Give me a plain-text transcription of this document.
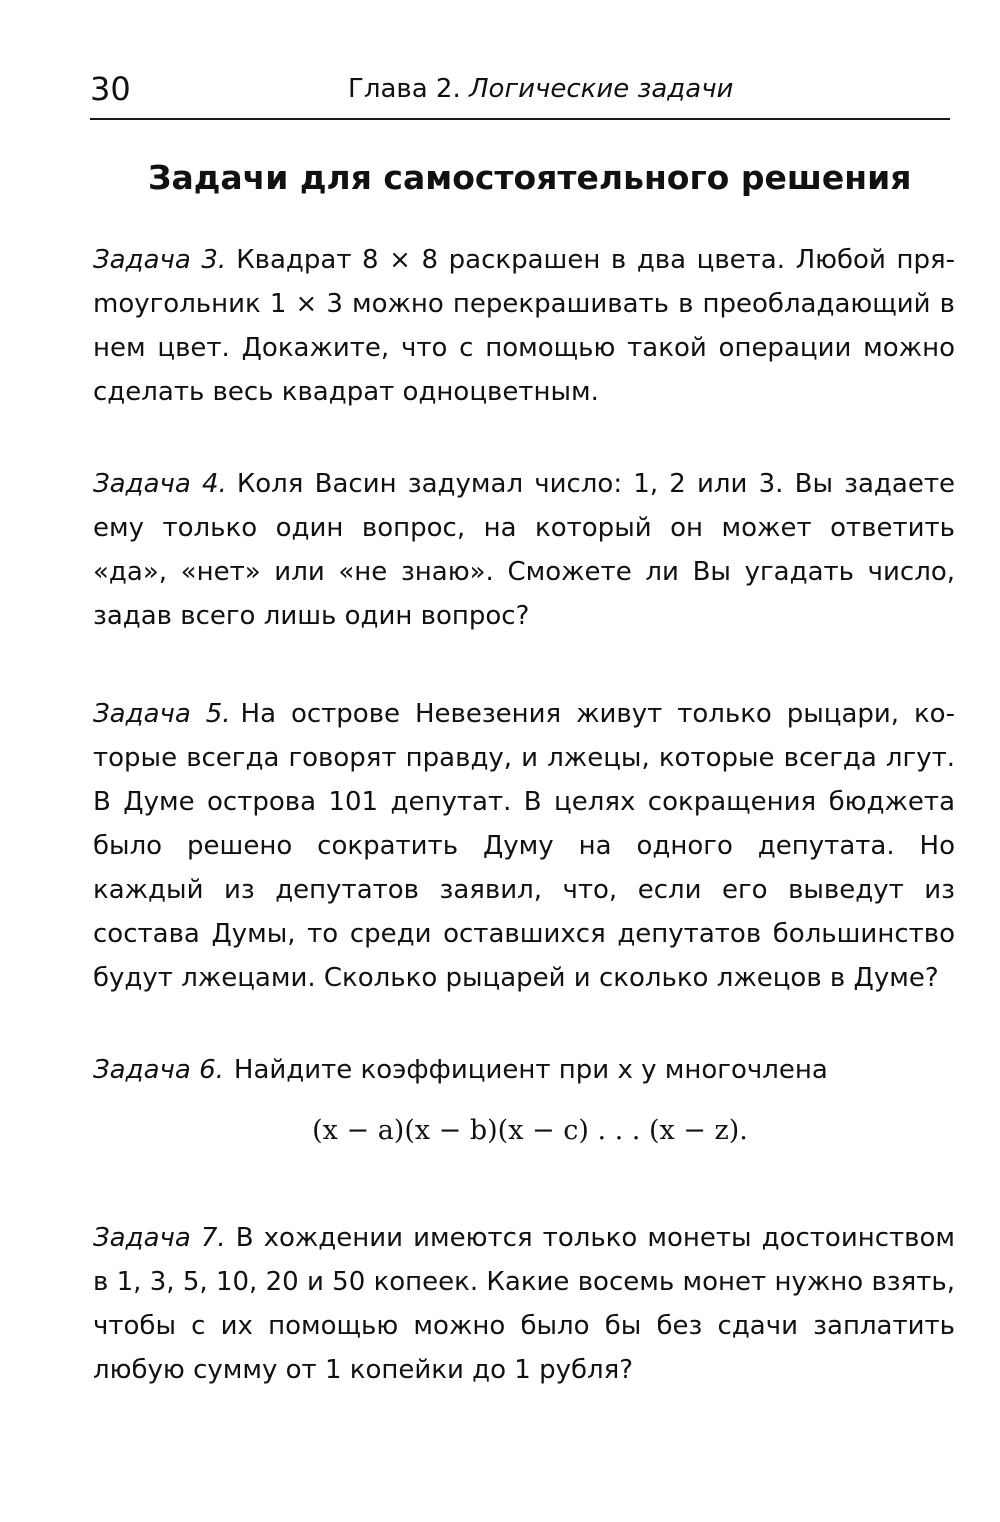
30	Глава 2. Логические задачи
Задачи для самостоятельного решения
Задача 3. Квадрат 8 × 8 раскрашен в два цвета. Любой пряmоугольник 1 × 3 можно перекрашивать в преобладающий в нем цвет. Докажите, что с помощью такой операции можно сделать весь квадрат одноцветным.
Задача 4. Коля Васин задумал число: 1, 2 или 3. Вы задаете ему только один вопрос, на который он может ответить «да», «нет» или «не знаю». Сможете ли Вы угадать число, задав всего лишь один вопрос?
Задача 5. На острове Невезения живут только рыцари, которые всегда говорят правду, и лжецы, которые всегда лгут. В Думе острова 101 депутат. В целях сокращения бюджета было решено сократить Думу на одного депутата. Но каждый из депутатов заявил, что, если его выведут из состава Думы, то среди оставшихся депутатов большинство будут лжецами. Сколько рыцарей и сколько лжецов в Думе?
Задача 6. Найдите коэффициент при x у многочлена
(x − a)(x − b)(x − c) . . . (x − z).
Задача 7. В хождении имеются только монеты достоинством в 1, 3, 5, 10, 20 и 50 копеек. Какие восемь монет нужно взять, чтобы с их помощью можно было бы без сдачи заплатить любую сумму от 1 копейки до 1 рубля?
